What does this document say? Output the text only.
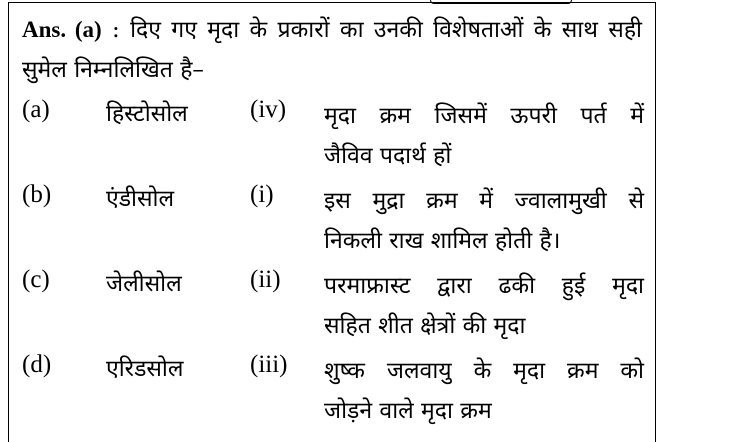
Ans. (a) : दिए गए मृदा के प्रकारों का उनकी विशेषताओं के साथ सही सुमेल निम्नलिखित है–
(a) हिस्टोसोल (iv) मृदा क्रम जिसमें ऊपरी पर्त में
जैविव पदार्थ हों
(b) एंडीसोल	(i) इस मुद्रा क्रम में ज्वालामुखी से
निकली राख शामिल होती है।
(c) जेलीसोल	(ii) परमाफ्रास्ट द्वारा ढकी हुई मृदा
सहित शीत क्षेत्रों की मृदा
(d) एरिडसोल	(iii) शुष्क जलवायु के मृदा क्रम को
जोड़ने वाले मृदा क्रम
